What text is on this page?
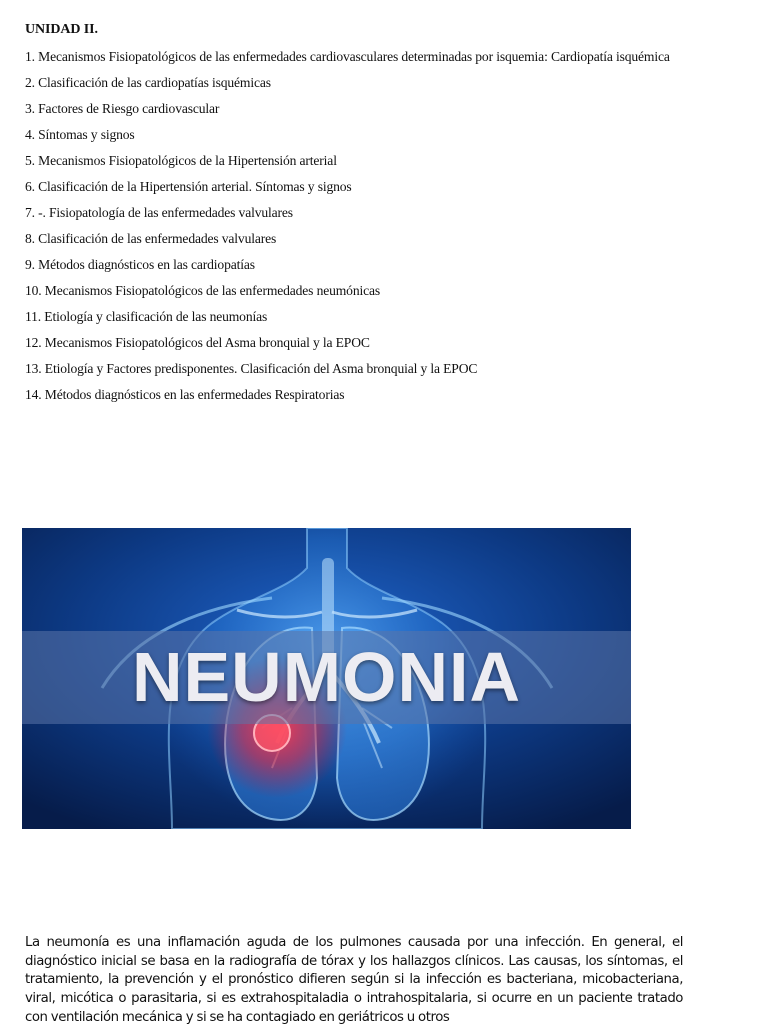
UNIDAD II.
1. Mecanismos Fisiopatológicos de las enfermedades cardiovasculares determinadas por isquemia: Cardiopatía isquémica
2. Clasificación de las cardiopatías isquémicas
3. Factores de Riesgo cardiovascular
4. Síntomas y signos
5. Mecanismos Fisiopatológicos de la Hipertensión arterial
6. Clasificación de la Hipertensión arterial. Síntomas y signos
7. -. Fisiopatología de las enfermedades valvulares
8. Clasificación de las enfermedades valvulares
9. Métodos diagnósticos en las cardiopatías
10. Mecanismos Fisiopatológicos de las enfermedades neumónicas
11. Etiología y clasificación de las neumonías
12. Mecanismos Fisiopatológicos del Asma bronquial y la EPOC
13. Etiología y Factores predisponentes. Clasificación del Asma bronquial y la EPOC
14. Métodos diagnósticos en las enfermedades Respiratorias
NEUMONIA

La neumonía es una inflamación aguda de los pulmones causada por una infección. En general, el diagnóstico inicial se basa en la radiografía de tórax y los hallazgos clínicos. Las causas, los síntomas, el tratamiento, la prevención y el pronóstico difieren según si la infección es bacteriana, micobacteriana, viral, micótica o parasitaria, si es extrahospitaladia o intrahospitalaria, si ocurre en un paciente tratado con ventilación mecánica y si se ha contagiado en geriátricos u otros
